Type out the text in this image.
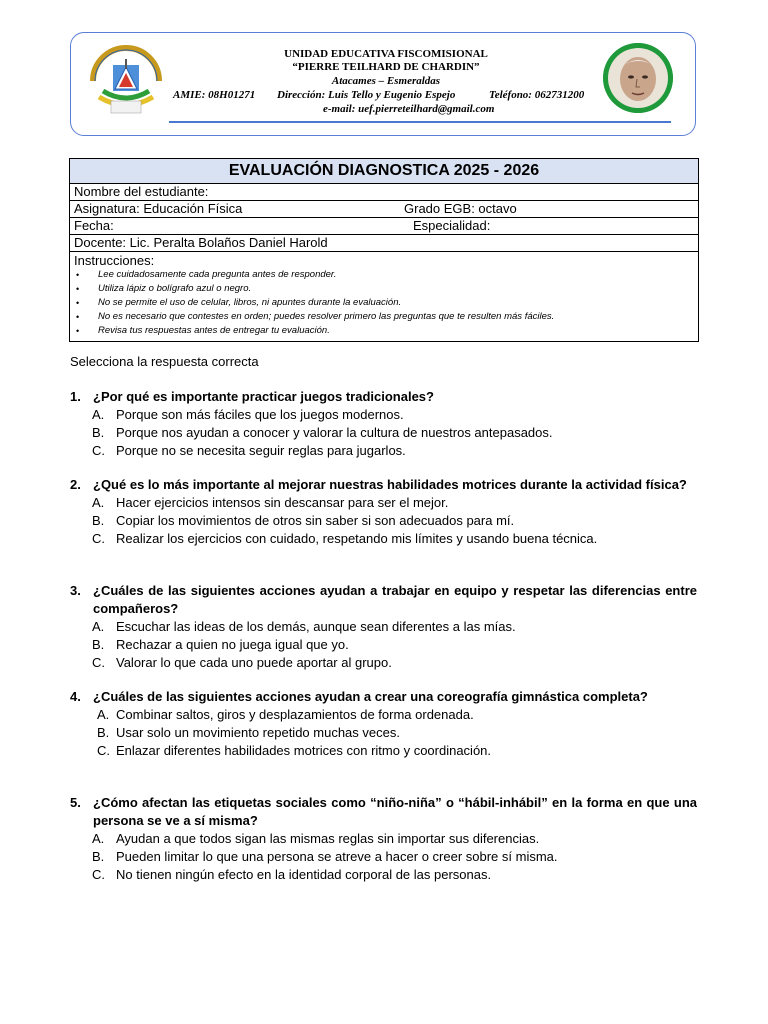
UNIDAD EDUCATIVA FISCOMISIONAL
“PIERRE TEILHARD DE CHARDIN”
Atacames – Esmeraldas
AMIE: 08H01271 Dirección: Luis Tello y Eugenio Espejo	Teléfono: 062731200
e-mail: uef.pierreteilhard@gmail.com
EVALUACIÓN DIAGNOSTICA 2025 - 2026
Nombre del estudiante:
Asignatura: Educación Física	Grado EGB: octavo
Fecha:	Especialidad:
Docente: Lic. Peralta Bolaños Daniel Harold
Instrucciones:
• Lee cuidadosamente cada pregunta antes de responder.
• Utiliza lápiz o bolígrafo azul o negro.
• No se permite el uso de celular, libros, ni apuntes durante la evaluación.
• No es necesario que contestes en orden; puedes resolver primero las preguntas que te resulten más fáciles.
• Revisa tus respuestas antes de entregar tu evaluación.
Selecciona la respuesta correcta
1. ¿Por qué es importante practicar juegos tradicionales?
A. Porque son más fáciles que los juegos modernos.
B. Porque nos ayudan a conocer y valorar la cultura de nuestros antepasados.
C. Porque no se necesita seguir reglas para jugarlos.
2. ¿Qué es lo más importante al mejorar nuestras habilidades motrices durante la actividad física?
A. Hacer ejercicios intensos sin descansar para ser el mejor.
B. Copiar los movimientos de otros sin saber si son adecuados para mí.
C. Realizar los ejercicios con cuidado, respetando mis límites y usando buena técnica.
3. ¿Cuáles de las siguientes acciones ayudan a trabajar en equipo y respetar las diferencias entre compañeros?
A. Escuchar las ideas de los demás, aunque sean diferentes a las mías.
B. Rechazar a quien no juega igual que yo.
C. Valorar lo que cada uno puede aportar al grupo.
4. ¿Cuáles de las siguientes acciones ayudan a crear una coreografía gimnástica completa?
A. Combinar saltos, giros y desplazamientos de forma ordenada.
B. Usar solo un movimiento repetido muchas veces.
C. Enlazar diferentes habilidades motrices con ritmo y coordinación.
5. ¿Cómo afectan las etiquetas sociales como “niño-niña” o “hábil-inhábil” en la forma en que una persona se ve a sí misma?
A. Ayudan a que todos sigan las mismas reglas sin importar sus diferencias.
B. Pueden limitar lo que una persona se atreve a hacer o creer sobre sí misma.
C. No tienen ningún efecto en la identidad corporal de las personas.
